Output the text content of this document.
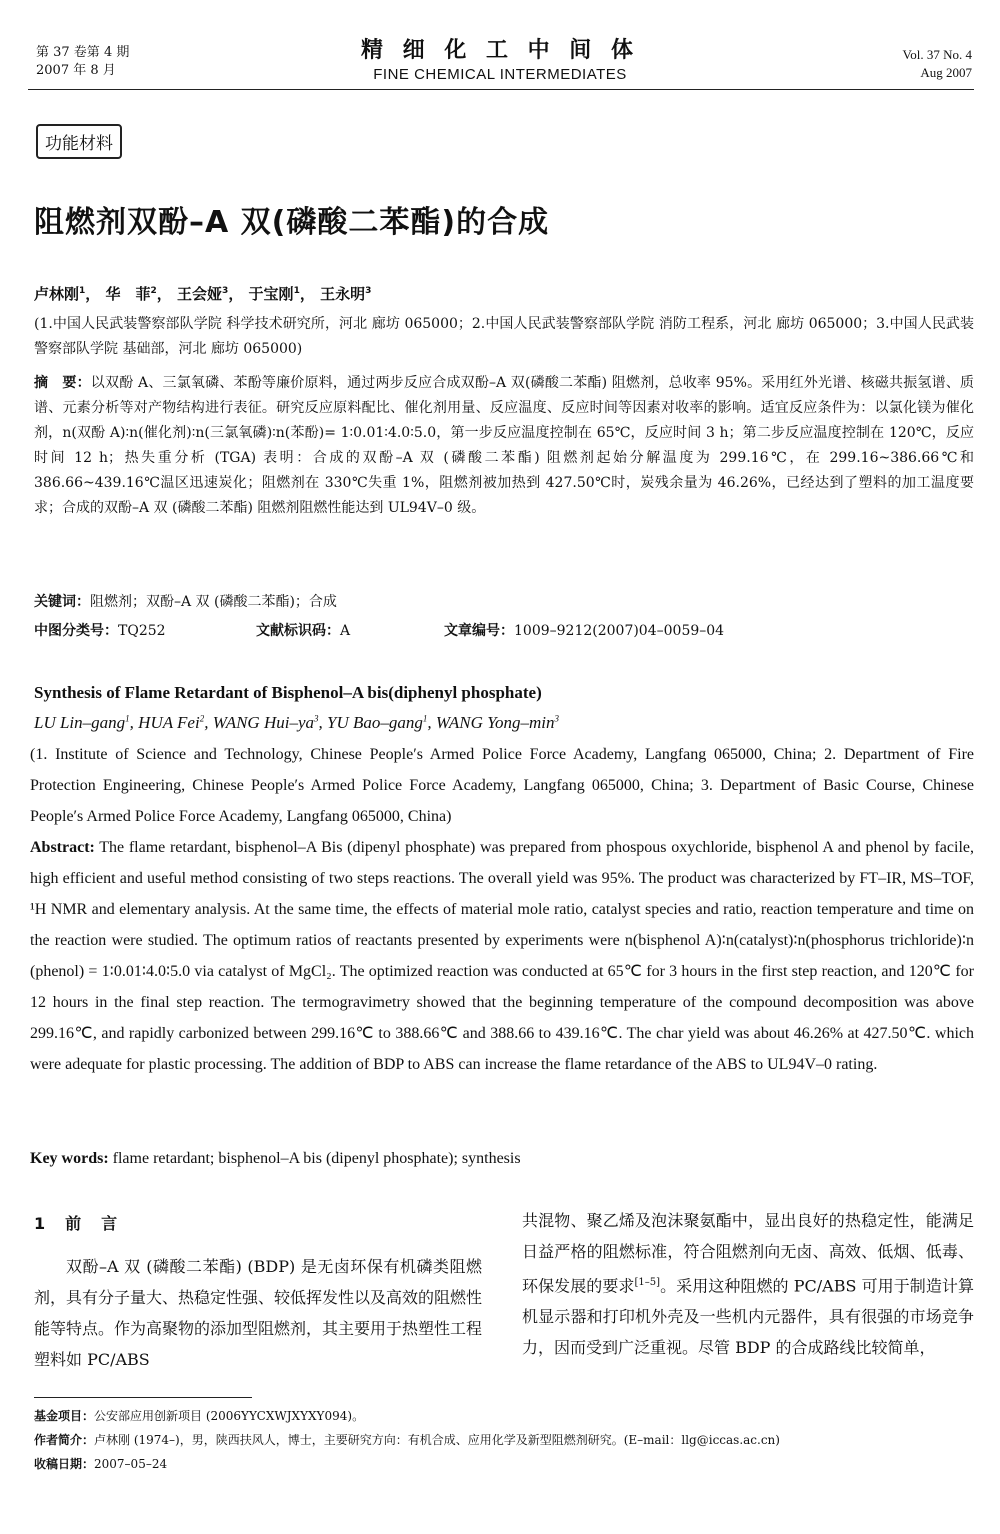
第 37 卷第 4 期
2007 年 8 月
精 细 化 工 中 间 体
FINE CHEMICAL INTERMEDIATES
Vol. 37 No. 4
Aug 2007
功能材料
阻燃剂双酚–A 双(磷酸二苯酯)的合成
卢林刚$^1$， 华　菲$^2$， 王会娅$^3$， 于宝刚$^1$， 王永明$^3$
(1.中国人民武装警察部队学院 科学技术研究所，河北 廊坊 065000；2.中国人民武装警察部队学院 消防工程系，河北 廊坊 065000；3.中国人民武装警察部队学院 基础部，河北 廊坊 065000)
摘　要：以双酚 A、三氯氧磷、苯酚等廉价原料，通过两步反应合成双酚–A 双(磷酸二苯酯) 阻燃剂，总收率 95%。采用红外光谱、核磁共振氢谱、质谱、元素分析等对产物结构进行表征。研究反应原料配比、催化剂用量、反应温度、反应时间等因素对收率的影响。适宜反应条件为：以氯化镁为催化剂，n(双酚 A)∶n(催化剂)∶n(三氯氧磷)∶n(苯酚)= 1∶0.01∶4.0∶5.0，第一步反应温度控制在 65℃，反应时间 3 h；第二步反应温度控制在 120℃，反应时间 12 h；热失重分析 (TGA) 表明：合成的双酚–A 双 (磷酸二苯酯) 阻燃剂起始分解温度为 299.16℃，在 299.16~386.66℃和 386.66~439.16℃温区迅速炭化；阻燃剂在 330℃失重 1%，阻燃剂被加热到 427.50℃时，炭残余量为 46.26%，已经达到了塑料的加工温度要求；合成的双酚–A 双 (磷酸二苯酯) 阻燃剂阻燃性能达到 UL94V–0 级。
关键词：阻燃剂；双酚–A 双 (磷酸二苯酯)；合成
中图分类号：TQ252	文献标识码：A	文章编号：1009–9212(2007)04–0059–04
Synthesis of Flame Retardant of Bisphenol–A bis(diphenyl phosphate)
LU Lin–gang$^1$, HUA Fei$^2$, WANG Hui–$ya^3$, YU Bao–gang$^1$, WANG Yong–$\min^3$
(1. Institute of Science and Technology, Chinese People′s Armed Police Force Academy, Langfang 065000, China; 2. Department of Fire Protection Engineering, Chinese People′s Armed Police Force Academy, Langfang 065000, China; 3. Department of Basic Course, Chinese People′s Armed Police Force Academy, Langfang 065000, China)
Abstract: The flame retardant, bisphenol–A Bis (dipenyl phosphate) was prepared from phospous oxychloride, bisphenol A and phenol by facile, high efficient and useful method consisting of two steps reactions. The overall yield was 95%. The product was characterized by FT–IR, MS–TOF, ¹H NMR and elementary analysis. At the same time, the effects of material mole ratio, catalyst species and ratio, reaction temperature and time on the reaction were studied. The optimum ratios of reactants presented by experiments were n(bisphenol A)∶n(catalyst)∶n(phosphorus trichloride)∶n (phenol) = 1∶0.01∶4.0∶5.0 via catalyst of MgCl₂. The optimized reaction was conducted at 65℃ for 3 hours in the first step reaction, and 120℃ for 12 hours in the final step reaction. The termogravimetry showed that the beginning temperature of the compound decomposition was above 299.16℃, and rapidly carbonized between 299.16℃ to 388.66℃ and 388.66 to 439.16℃. The char yield was about 46.26% at 427.50℃. which were adequate for plastic processing. The addition of BDP to ABS can increase the flame retardance of the ABS to UL94V–0 rating.
Key words: flame retardant; bisphenol–A bis (dipenyl phosphate); synthesis
1 前　言
双酚–A 双 (磷酸二苯酯) (BDP) 是无卤环保有机磷类阻燃剂，具有分子量大、热稳定性强、较低挥发性以及高效的阻燃性能等特点。作为高聚物的添加型阻燃剂，其主要用于热塑性工程塑料如 PC/ABS
共混物、聚乙烯及泡沫聚氨酯中，显出良好的热稳定性，能满足日益严格的阻燃标准，符合阻燃剂向无卤、高效、低烟、低毒、环保发展的要求[1–5]。采用这种阻燃的 PC/ABS 可用于制造计算机显示器和打印机外壳及一些机内元器件，具有很强的市场竞争力，因而受到广泛重视。尽管 BDP 的合成路线比较简单，
基金项目：公安部应用创新项目 (2006YYCXWJXYXY094)。
作者简介：卢林刚 (1974–)，男，陕西扶风人，博士，主要研究方向：有机合成、应用化学及新型阻燃剂研究。(E–mail：llg@iccas.ac.cn)
收稿日期：2007–05–24
